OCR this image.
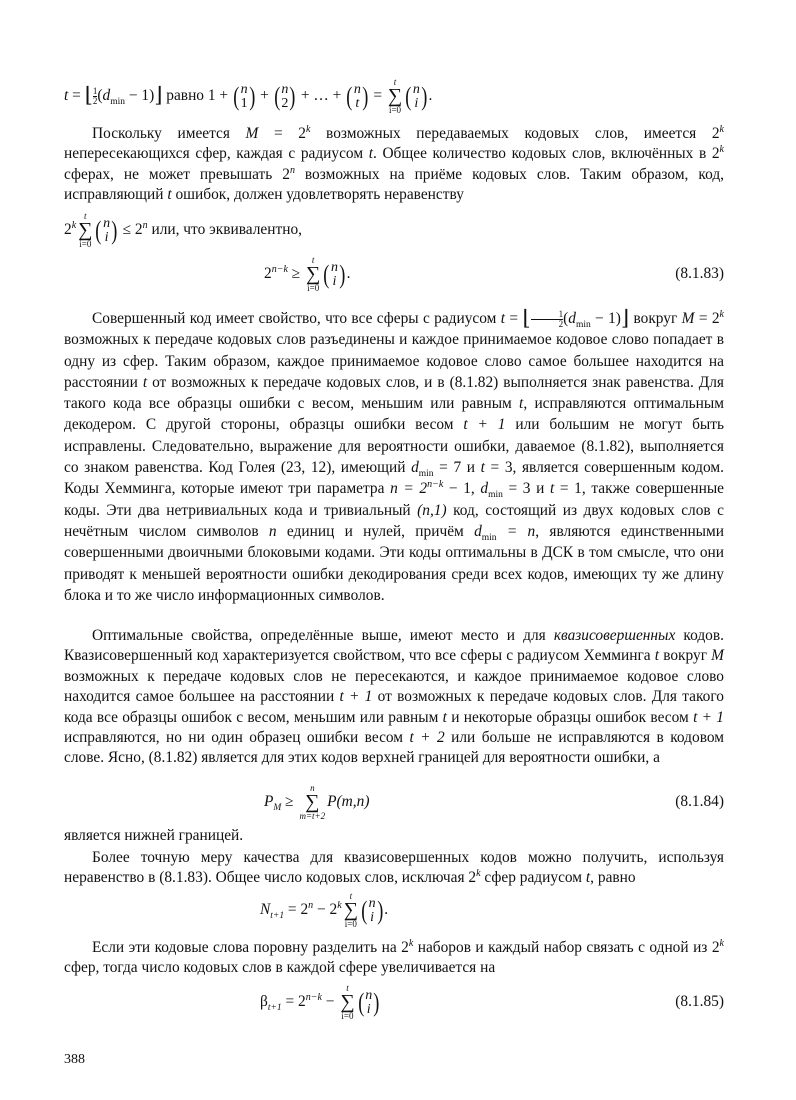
t = ⌊ $\frac{1}{2} (d_{min}$ − 1)⌋ равно 1 + ( n
1 ) + ( n
2 ) + … + ( n
t ) =
t
∑
i=0 ( n
i ) .

Поскольку имеется $M = 2^k$ возможных передаваемых кодовых слов, имеется 2$^k$ непересекающихся сфер, каждая с радиусом t. Общее количество кодовых слов, включённых в 2$^k$ сферах, не может превышать 2$^n$ возможных на приёме кодовых слов. Таким образом, код, исправляющий t ошибок, должен удовлетворять неравенству

2$^k$
t
∑
i=0 ( n
i ) ≤ $2^n$ или, что эквивалентно,
$2^{n-k}$ ≥
t
∑
i=0 ( n
i ) .	(8.1.83)

Совершенный код имеет свойство, что все сферы с радиусом t = ⌊ $\frac{1}{2} (d_{min}$ − 1)⌋ вокруг $M = 2^k$ возможных к передаче кодовых слов разъединены и каждое принимаемое кодовое слово попадает в одну из сфер. Таким образом, каждое принимаемое кодовое слово самое большее находится на расстоянии t от возможных к передаче кодовых слов, и в (8.1.82) выполняется знак равенства. Для такого кода все образцы ошибки с весом, меньшим или равным t, исправляются оптимальным декодером. С другой стороны, образцы ошибки весом t + 1 или большим не могут быть исправлены. Следовательно, выражение для вероятности ошибки, даваемое (8.1.82), выполняется со знаком равенства. Код Голея (23, 12), имеющий $d_{min} = 7$ и t = 3, является совершенным кодом. Коды Хемминга, которые имеют три параметра $n = 2^{n-k} - 1$, $d_{min} = 3$ и t = 1, также совершенные коды. Эти два нетривиальных кода и тривиальный (n,1) код, состоящий из двух кодовых слов с нечётным числом символов n единиц и нулей, причём $d_{min} = n$, являются единственными совершенными двоичными блоковыми кодами. Эти коды оптимальны в ДСК в том смысле, что они приводят к меньшей вероятности ошибки декодирования среди всех кодов, имеющих ту же длину блока и то же число информационных символов.

Оптимальные свойства, определённые выше, имеют место и для квазисовершенных кодов. Квазисовершенный код характеризуется свойством, что все сферы с радиусом Хемминга t вокруг M возможных к передаче кодовых слов не пересекаются, и каждое принимаемое кодовое слово находится самое большее на расстоянии t + 1 от возможных к передаче кодовых слов. Для такого кода все образцы ошибок с весом, меньшим или равным t и некоторые образцы ошибок весом t + 1 исправляются, но ни один образец ошибки весом t + 2 или больше не исправляются в кодовом слове. Ясно, (8.1.82) является для этих кодов верхней границей для вероятности ошибки, а

$P_M$ ≥
n
∑
m=t+2
P(m,n)	(8.1.84)

является нижней границей.

Более точную меру качества для квазисовершенных кодов можно получить, используя неравенство в (8.1.83). Общее число кодовых слов, исключая 2$^k$ сфер радиусом t, равно

$N_{t+1} = 2^n - 2^k$
t
∑
i=0 ( n
i ) .

Если эти кодовые слова поровну разделить на 2$^k$ наборов и каждый набор связать с одной из 2$^k$ сфер, тогда число кодовых слов в каждой сфере увеличивается на

$\beta_{t+1} = 2^{n-k}$ −
t
∑
i=0 ( n
i )	(8.1.85)
388
